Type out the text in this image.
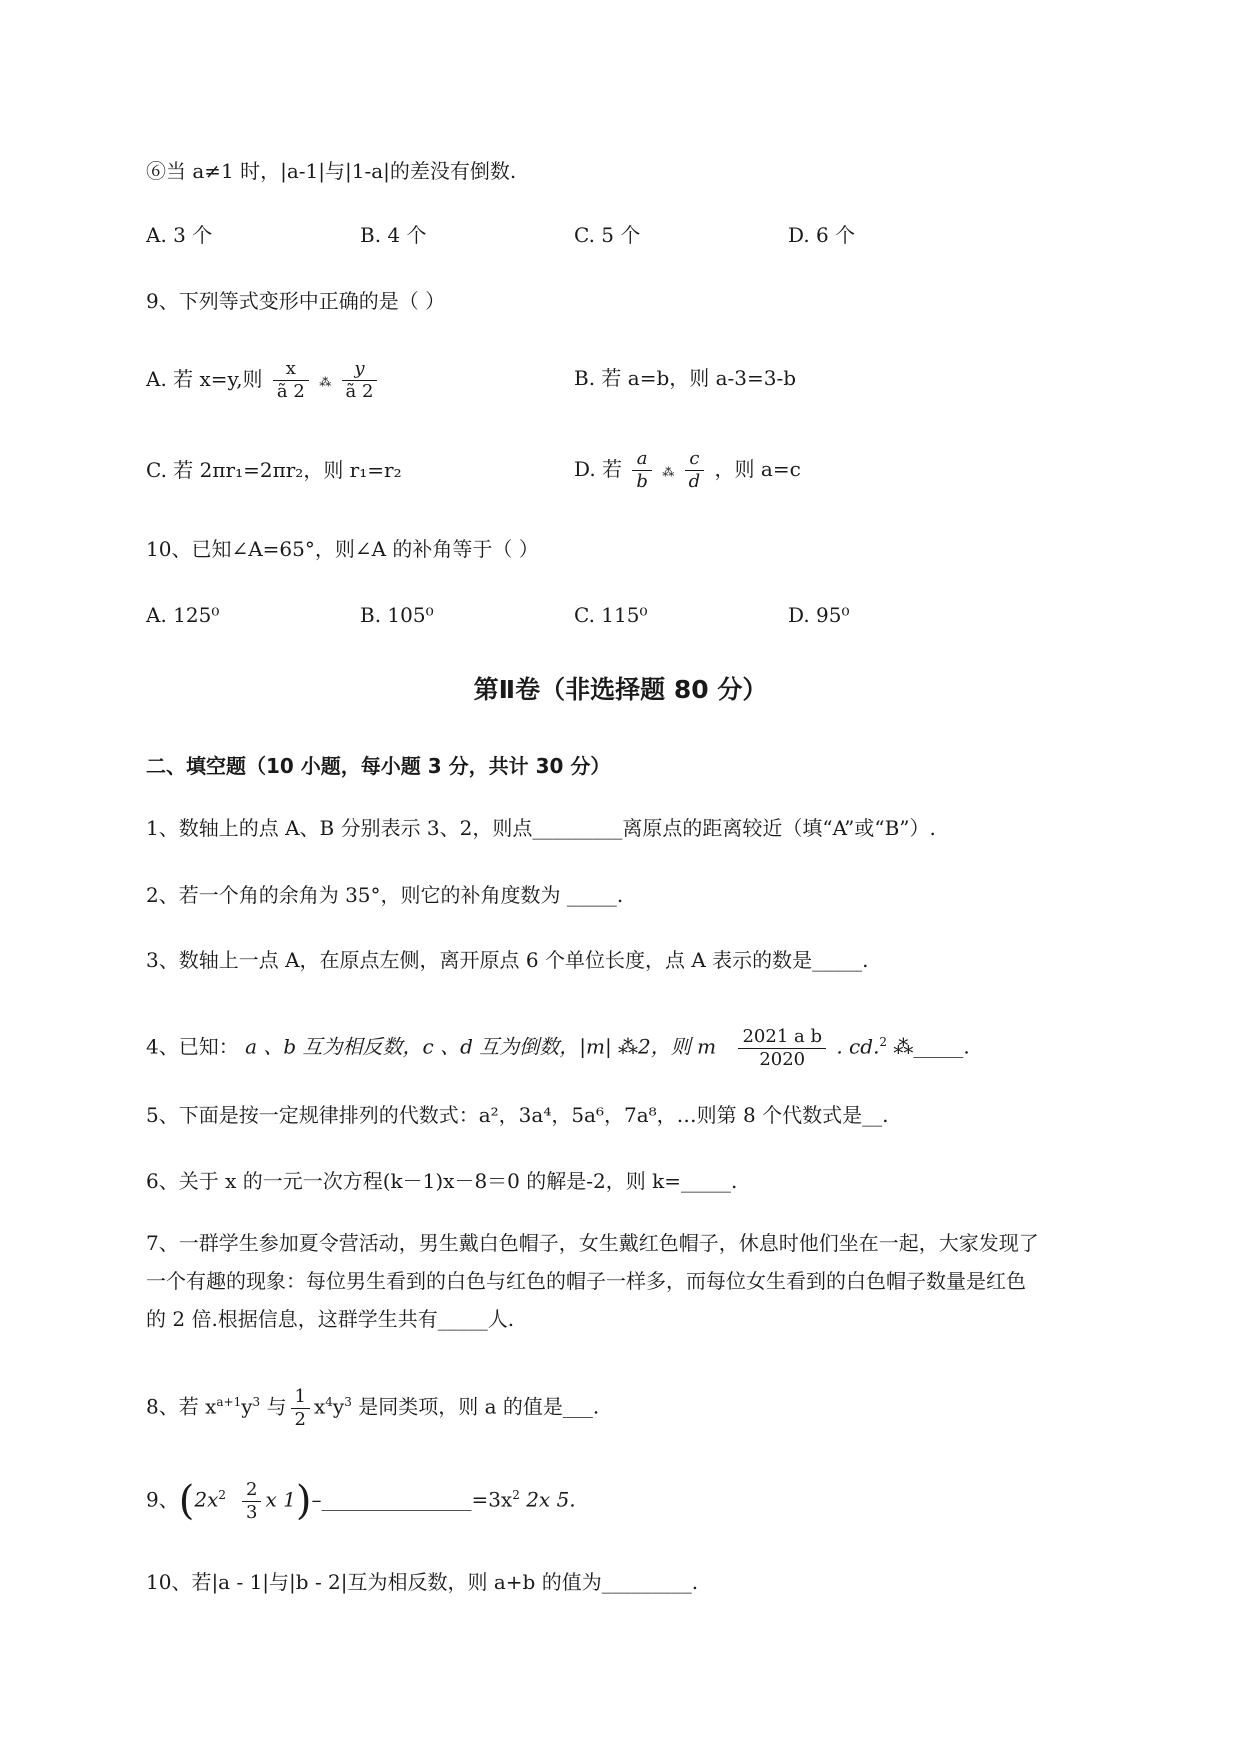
⑥当 a≠1 时，|a-1|与|1-a|的差没有倒数.
A. 3 个	B. 4 个	C. 5 个	D. 6 个
9、下列等式变形中正确的是（ ）
A. 若 x=y,则 $\frac{x}{ã 2}$ ⁂ $\frac{y}{ã 2}$	B. 若 a=b，则 a-3=3-b
C. 若 2πr₁=2πr₂，则 r₁=r₂	D. 若 $\frac{a}{b}$ ⁂ $\frac{c}{d}$ ，则 a=c
10、已知∠A=65°，则∠A 的补角等于（ ）
A. 125⁰	B. 105⁰	C. 115⁰	D. 95⁰
第Ⅱ卷（非选择题 80 分）
二、填空题（10 小题，每小题 3 分，共计 30 分）
1、数轴上的点 A、B 分别表示 3、2，则点_________离原点的距离较近（填“A”或“B”）.
2、若一个角的余角为 35°，则它的补角度数为 _____.
3、数轴上一点 A，在原点左侧，离开原点 6 个单位长度，点 A 表示的数是_____.
4、已知： a 、b 互为相反数，c 、d 互为倒数，|m| ⁂2，则 m $\frac{\text{2021 a b}}{2020}$ . cd.$^2$ ⁂_____.
5、下面是按一定规律排列的代数式：a²，3a⁴，5a⁶，7a⁸，…则第 8 个代数式是__.
6、关于 x 的一元一次方程(k－1)x－8＝0 的解是-2，则 k=_____.
7、一群学生参加夏令营活动，男生戴白色帽子，女生戴红色帽子，休息时他们坐在一起，大家发现了
一个有趣的现象：每位男生看到的白色与红色的帽子一样多，而每位女生看到的白色帽子数量是红色
的 2 倍.根据信息，这群学生共有_____人.
8、若 $x^{a+1}y^3$ 与 $\frac{1}{2} x^4y^3$ 是同类项，则 a 的值是___.
9、($2x^2 \frac{2}{3}$ x $1)-\_\_\_\_\_\_\_\_\_\_\_\_\_\_\_=3x^2$ 2x 5.
10、若|a - 1|与|b - 2|互为相反数，则 a+b 的值为_________.
